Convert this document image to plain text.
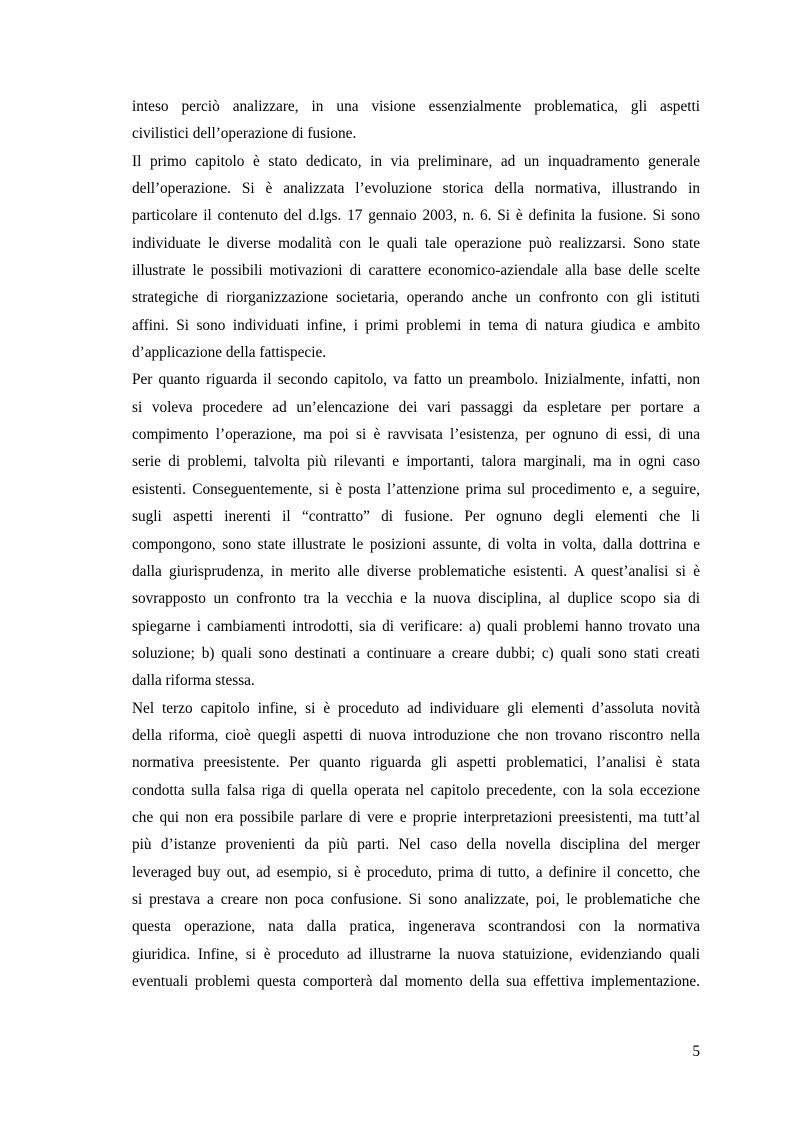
inteso perciò analizzare, in una visione essenzialmente problematica, gli aspetti
civilistici dell’operazione di fusione.

Il primo capitolo è stato dedicato, in via preliminare, ad un inquadramento generale
dell’operazione. Si è analizzata l’evoluzione storica della normativa, illustrando in
particolare il contenuto del d.lgs. 17 gennaio 2003, n. 6. Si è definita la fusione. Si sono
individuate le diverse modalità con le quali tale operazione può realizzarsi. Sono state
illustrate le possibili motivazioni di carattere economico-aziendale alla base delle scelte
strategiche di riorganizzazione societaria, operando anche un confronto con gli istituti
affini. Si sono individuati infine, i primi problemi in tema di natura giudica e ambito
d’applicazione della fattispecie.

Per quanto riguarda il secondo capitolo, va fatto un preambolo. Inizialmente, infatti, non
si voleva procedere ad un’elencazione dei vari passaggi da espletare per portare a
compimento l’operazione, ma poi si è ravvisata l’esistenza, per ognuno di essi, di una
serie di problemi, talvolta più rilevanti e importanti, talora marginali, ma in ogni caso
esistenti. Conseguentemente, si è posta l’attenzione prima sul procedimento e, a seguire,
sugli aspetti inerenti il “contratto” di fusione. Per ognuno degli elementi che li
compongono, sono state illustrate le posizioni assunte, di volta in volta, dalla dottrina e
dalla giurisprudenza, in merito alle diverse problematiche esistenti. A quest’analisi si è
sovrapposto un confronto tra la vecchia e la nuova disciplina, al duplice scopo sia di
spiegarne i cambiamenti introdotti, sia di verificare: a) quali problemi hanno trovato una
soluzione; b) quali sono destinati a continuare a creare dubbi; c) quali sono stati creati
dalla riforma stessa.

Nel terzo capitolo infine, si è proceduto ad individuare gli elementi d’assoluta novità
della riforma, cioè quegli aspetti di nuova introduzione che non trovano riscontro nella
normativa preesistente. Per quanto riguarda gli aspetti problematici, l’analisi è stata
condotta sulla falsa riga di quella operata nel capitolo precedente, con la sola eccezione
che qui non era possibile parlare di vere e proprie interpretazioni preesistenti, ma tutt’al
più d’istanze provenienti da più parti. Nel caso della novella disciplina del merger
leveraged buy out, ad esempio, si è proceduto, prima di tutto, a definire il concetto, che
si prestava a creare non poca confusione. Si sono analizzate, poi, le problematiche che
questa operazione, nata dalla pratica, ingenerava scontrandosi con la normativa
giuridica. Infine, si è proceduto ad illustrarne la nuova statuizione, evidenziando quali
eventuali problemi questa comporterà dal momento della sua effettiva implementazione.

5
